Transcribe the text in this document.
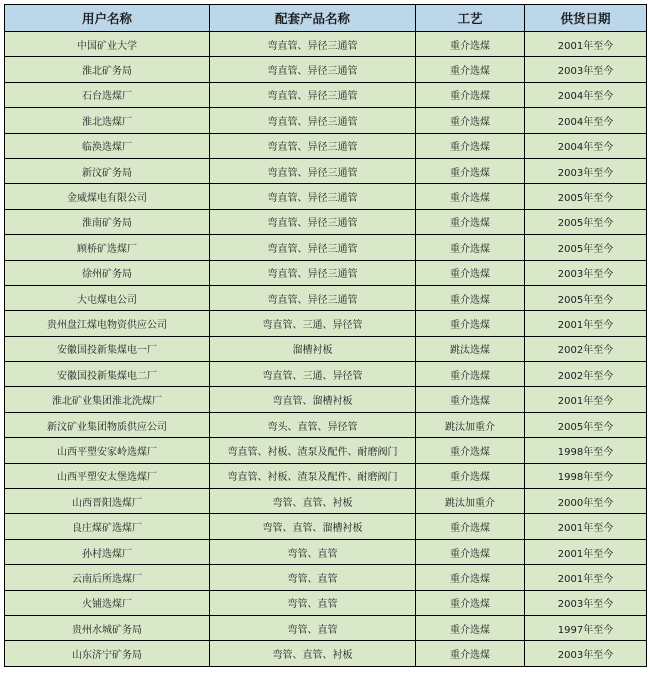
用户名称	配套产品名称	工艺	供货日期
中国矿业大学	弯直管、异径三通管	重介选煤	2001年至今
淮北矿务局	弯直管、异径三通管	重介选煤	2003年至今
石台选煤厂	弯直管、异径三通管	重介选煤	2004年至今
淮北选煤厂	弯直管、异径三通管	重介选煤	2004年至今
临涣选煤厂	弯直管、异径三通管	重介选煤	2004年至今
新汶矿务局	弯直管、异径三通管	重介选煤	2003年至今
金威煤电有限公司	弯直管、异径三通管	重介选煤	2005年至今
淮南矿务局	弯直管、异径三通管	重介选煤	2005年至今
顾桥矿选煤厂	弯直管、异径三通管	重介选煤	2005年至今
徐州矿务局	弯直管、异径三通管	重介选煤	2003年至今
大屯煤电公司	弯直管、异径三通管	重介选煤	2005年至今
贵州盘江煤电物资供应公司	弯直管、三通、异径管	重介选煤	2001年至今
安徽国投新集煤电一厂	溜槽衬板	跳汰选煤	2002年至今
安徽国投新集煤电二厂	弯直管、三通、异径管	重介选煤	2002年至今
淮北矿业集团淮北洗煤厂	弯直管、溜槽衬板	重介选煤	2001年至今
新汶矿业集团物质供应公司	弯头、直管、异径管	跳汰加重介	2005年至今
山西平塑安家岭选煤厂	弯直管、衬板、渣泵及配件、耐磨阀门	重介选煤	1998年至今
山西平塑安太堡选煤厂	弯直管、衬板、渣泵及配件、耐磨阀门	重介选煤	1998年至今
山西晋阳选煤厂	弯管、直管、衬板	跳汰加重介	2000年至今
良庄煤矿选煤厂	弯管、直管、溜槽衬板	重介选煤	2001年至今
孙村选煤厂	弯管、直管	重介选煤	2001年至今
云南后所选煤厂	弯管、直管	重介选煤	2001年至今
火铺选煤厂	弯管、直管	重介选煤	2003年至今
贵州水城矿务局	弯管、直管	重介选煤	1997年至今
山东济宁矿务局	弯管、直管、衬板	重介选煤	2003年至今
